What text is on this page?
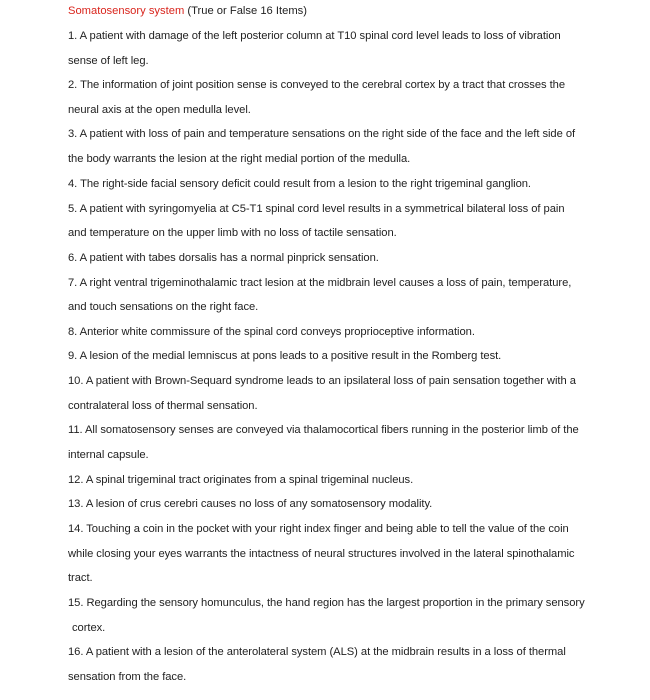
Somatosensory system (True or False 16 Items)
1. A patient with damage of the left posterior column at T10 spinal cord level leads to loss of vibration
sense of left leg.
2. The information of joint position sense is conveyed to the cerebral cortex by a tract that crosses the
neural axis at the open medulla level.
3. A patient with loss of pain and temperature sensations on the right side of the face and the left side of
the body warrants the lesion at the right medial portion of the medulla.
4. The right-side facial sensory deficit could result from a lesion to the right trigeminal ganglion.
5. A patient with syringomyelia at C5-T1 spinal cord level results in a symmetrical bilateral loss of pain
and temperature on the upper limb with no loss of tactile sensation.
6. A patient with tabes dorsalis has a normal pinprick sensation.
7. A right ventral trigeminothalamic tract lesion at the midbrain level causes a loss of pain, temperature,
and touch sensations on the right face.
8. Anterior white commissure of the spinal cord conveys proprioceptive information.
9. A lesion of the medial lemniscus at pons leads to a positive result in the Romberg test.
10. A patient with Brown-Sequard syndrome leads to an ipsilateral loss of pain sensation together with a
contralateral loss of thermal sensation.
11. All somatosensory senses are conveyed via thalamocortical fibers running in the posterior limb of the
internal capsule.
12. A spinal trigeminal tract originates from a spinal trigeminal nucleus.
13. A lesion of crus cerebri causes no loss of any somatosensory modality.
14. Touching a coin in the pocket with your right index finger and being able to tell the value of the coin
while closing your eyes warrants the intactness of neural structures involved in the lateral spinothalamic
tract.
15. Regarding the sensory homunculus, the hand region has the largest proportion in the primary sensory
cortex.
16. A patient with a lesion of the anterolateral system (ALS) at the midbrain results in a loss of thermal
sensation from the face.
